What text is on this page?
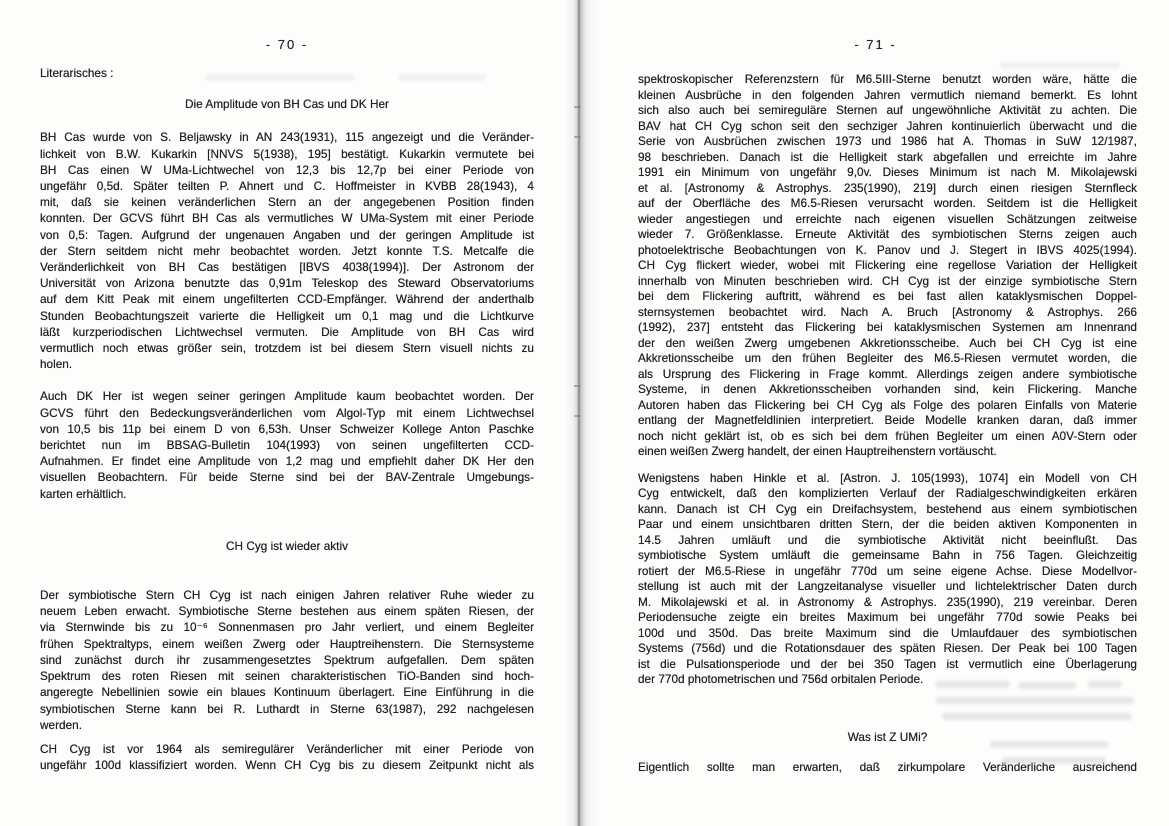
- 70 -
Literarisches :
Die Amplitude von BH Cas und DK Her
BH Cas wurde von S. Beljawsky in AN 243(1931), 115 angezeigt und die Veränder-
lichkeit von B.W. Kukarkin [NNVS 5(1938), 195] bestätigt. Kukarkin vermutete bei
BH Cas einen W UMa-Lichtwechel von 12,3 bis 12,7p bei einer Periode von
ungefähr 0,5d. Später teilten P. Ahnert und C. Hoffmeister in KVBB 28(1943), 4
mit, daß sie keinen veränderlichen Stern an der angegebenen Position finden
konnten. Der GCVS führt BH Cas als vermutliches W UMa-System mit einer Periode
von 0,5: Tagen. Aufgrund der ungenauen Angaben und der geringen Amplitude ist
der Stern seitdem nicht mehr beobachtet worden. Jetzt konnte T.S. Metcalfe die
Veränderlichkeit von BH Cas bestätigen [IBVS 4038(1994)]. Der Astronom der
Universität von Arizona benutzte das 0,91m Teleskop des Steward Observatoriums
auf dem Kitt Peak mit einem ungefilterten CCD-Empfänger. Während der anderthalb
Stunden Beobachtungszeit varierte die Helligkeit um 0,1 mag und die Lichtkurve
läßt kurzperiodischen Lichtwechsel vermuten. Die Amplitude von BH Cas wird
vermutlich noch etwas größer sein, trotzdem ist bei diesem Stern visuell nichts zu
holen.
Auch DK Her ist wegen seiner geringen Amplitude kaum beobachtet worden. Der
GCVS führt den Bedeckungsveränderlichen vom Algol-Typ mit einem Lichtwechsel
von 10,5 bis 11p bei einem D von 6,53h. Unser Schweizer Kollege Anton Paschke
berichtet nun im BBSAG-Bulletin 104(1993) von seinen ungefilterten CCD-
Aufnahmen. Er findet eine Amplitude von 1,2 mag und empfiehlt daher DK Her den
visuellen Beobachtern. Für beide Sterne sind bei der BAV-Zentrale Umgebungs-
karten erhältlich.
CH Cyg ist wieder aktiv
Der symbiotische Stern CH Cyg ist nach einigen Jahren relativer Ruhe wieder zu
neuem Leben erwacht. Symbiotische Sterne bestehen aus einem späten Riesen, der
via Sternwinde bis zu 10⁻⁶ Sonnenmasen pro Jahr verliert, und einem Begleiter
frühen Spektraltyps, einem weißen Zwerg oder Hauptreihenstern. Die Sternsysteme
sind zunächst durch ihr zusammengesetztes Spektrum aufgefallen. Dem späten
Spektrum des roten Riesen mit seinen charakteristischen TiO-Banden sind hoch-
angeregte Nebellinien sowie ein blaues Kontinuum überlagert. Eine Einführung in die
symbiotischen Sterne kann bei R. Luthardt in Sterne 63(1987), 292 nachgelesen
werden.
CH Cyg ist vor 1964 als semiregulärer Veränderlicher mit einer Periode von
ungefähr 100d klassifiziert worden. Wenn CH Cyg bis zu diesem Zeitpunkt nicht als
- 71 -
spektroskopischer Referenzstern für M6.5III-Sterne benutzt worden wäre, hätte die
kleinen Ausbrüche in den folgenden Jahren vermutlich niemand bemerkt. Es lohnt
sich also auch bei semireguläre Sternen auf ungewöhnliche Aktivität zu achten. Die
BAV hat CH Cyg schon seit den sechziger Jahren kontinuierlich überwacht und die
Serie von Ausbrüchen zwischen 1973 und 1986 hat A. Thomas in SuW 12/1987,
98 beschrieben. Danach ist die Helligkeit stark abgefallen und erreichte im Jahre
1991 ein Minimum von ungefähr 9,0v. Dieses Minimum ist nach M. Mikolajewski
et al. [Astronomy & Astrophys. 235(1990), 219] durch einen riesigen Sternfleck
auf der Oberfläche des M6.5-Riesen verursacht worden. Seitdem ist die Helligkeit
wieder angestiegen und erreichte nach eigenen visuellen Schätzungen zeitweise
wieder 7. Größenklasse. Erneute Aktivität des symbiotischen Sterns zeigen auch
photoelektrische Beobachtungen von K. Panov und J. Stegert in IBVS 4025(1994).
CH Cyg flickert wieder, wobei mit Flickering eine regellose Variation der Helligkeit
innerhalb von Minuten beschrieben wird. CH Cyg ist der einzige symbiotische Stern
bei dem Flickering auftritt, während es bei fast allen kataklysmischen Doppel-
sternsystemen beobachtet wird. Nach A. Bruch [Astronomy & Astrophys. 266
(1992), 237] entsteht das Flickering bei kataklysmischen Systemen am Innenrand
der den weißen Zwerg umgebenen Akkretionsscheibe. Auch bei CH Cyg ist eine
Akkretionsscheibe um den frühen Begleiter des M6.5-Riesen vermutet worden, die
als Ursprung des Flickering in Frage kommt. Allerdings zeigen andere symbiotische
Systeme, in denen Akkretionsscheiben vorhanden sind, kein Flickering. Manche
Autoren haben das Flickering bei CH Cyg als Folge des polaren Einfalls von Materie
entlang der Magnetfeldlinien interpretiert. Beide Modelle kranken daran, daß immer
noch nicht geklärt ist, ob es sich bei dem frühen Begleiter um einen A0V-Stern oder
einen weißen Zwerg handelt, der einen Hauptreihenstern vortäuscht.
Wenigstens haben Hinkle et al. [Astron. J. 105(1993), 1074] ein Modell von CH
Cyg entwickelt, daß den komplizierten Verlauf der Radialgeschwindigkeiten erkären
kann. Danach ist CH Cyg ein Dreifachsystem, bestehend aus einem symbiotischen
Paar und einem unsichtbaren dritten Stern, der die beiden aktiven Komponenten in
14.5 Jahren umläuft und die symbiotische Aktivität nicht beeinflußt. Das
symbiotische System umläuft die gemeinsame Bahn in 756 Tagen. Gleichzeitig
rotiert der M6.5-Riese in ungefähr 770d um seine eigene Achse. Diese Modellvor-
stellung ist auch mit der Langzeitanalyse visueller und lichtelektrischer Daten durch
M. Mikolajewski et al. in Astronomy & Astrophys. 235(1990), 219 vereinbar. Deren
Periodensuche zeigte ein breites Maximum bei ungefähr 770d sowie Peaks bei
100d und 350d. Das breite Maximum sind die Umlaufdauer des symbiotischen
Systems (756d) und die Rotationsdauer des späten Riesen. Der Peak bei 100 Tagen
ist die Pulsationsperiode und der bei 350 Tagen ist vermutlich eine Überlagerung
der 770d photometrischen und 756d orbitalen Periode.
Was ist Z UMi?
Eigentlich sollte man erwarten, daß zirkumpolare Veränderliche ausreichend
